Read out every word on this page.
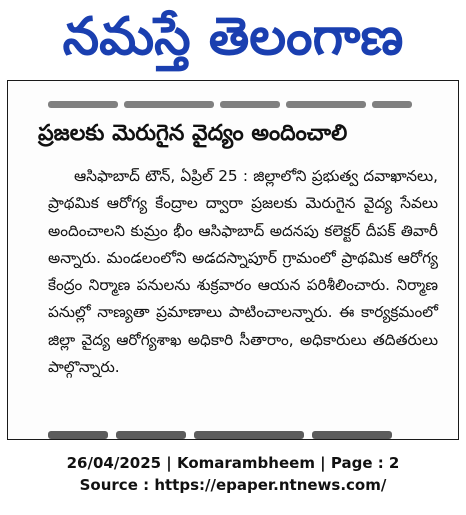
నమస్తే తెలంగాణ
ప్రజలకు మెరుగైన వైద్యం అందించాలి
ఆసిఫాబాద్ టౌన్, ఏప్రిల్ 25 : జిల్లాలోని ప్రభుత్వ దవాఖానలు, ప్రాథమిక ఆరోగ్య కేంద్రాల ద్వారా ప్రజలకు మెరుగైన వైద్య సేవలు అందించాలని కుమ్రం భీం ఆసిఫాబాద్ అదనపు కలెక్టర్ దీపక్ తివారీ అన్నారు. మండలంలోని అడదస్నాపూర్ గ్రామంలో ప్రాథమిక ఆరోగ్య కేంద్రం నిర్మాణ పనులను శుక్రవారం ఆయన పరిశీలించారు. నిర్మాణ పనుల్లో నాణ్యతా ప్రమాణాలు పాటించాలన్నారు. ఈ కార్యక్రమంలో జిల్లా వైద్య ఆరోగ్యశాఖ అధికారి సీతారాం, అధికారులు తదితరులు పాల్గొన్నారు.
26/04/2025 | Komarambheem | Page : 2
Source : https://epaper.ntnews.com/
